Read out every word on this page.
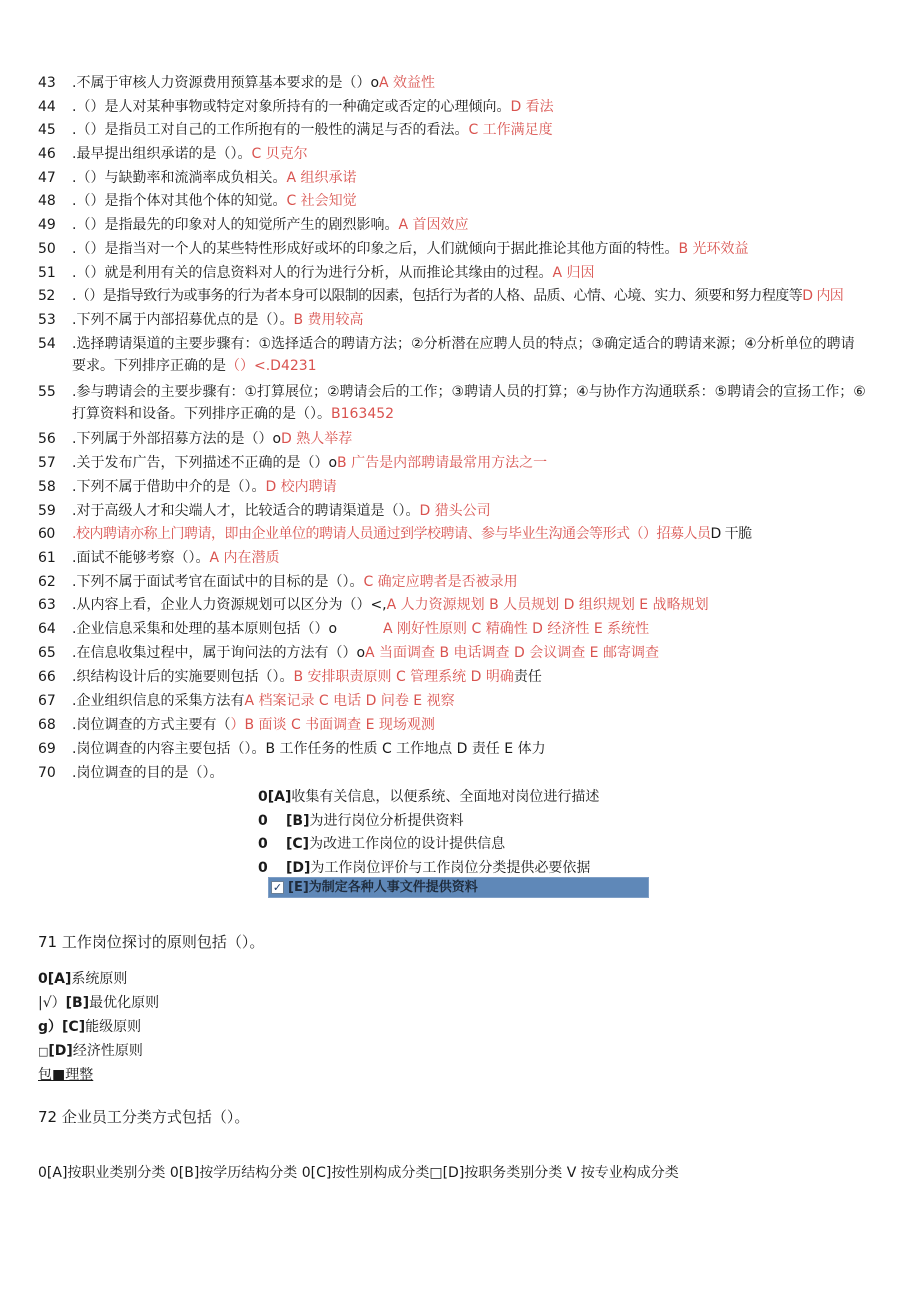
43 .不属于审核人力资源费用预算基本要求的是（）oA 效益性
44 .（）是人对某种事物或特定对象所持有的一种确定或否定的心理倾向。D 看法
45 .（）是指员工对自己的工作所抱有的一般性的满足与否的看法。C 工作满足度
46 .最早提出组织承诺的是（）。C 贝克尔
47 .（）与缺勤率和流淌率成负相关。A 组织承诺
48 .（）是指个体对其他个体的知觉。C 社会知觉
49 .（）是指最先的印象对人的知觉所产生的剧烈影响。A 首因效应
50 .（）是指当对一个人的某些特性形成好或坏的印象之后，人们就倾向于据此推论其他方面的特性。B 光环效益
51 .（）就是利用有关的信息资料对人的行为进行分析，从而推论其缘由的过程。A 归因
52 .（）是指导致行为或事务的行为者本身可以限制的因素，包括行为者的人格、品质、心情、心境、实力、须要和努力程度等D 内因
53 .下列不属于内部招募优点的是（）。B 费用较高
54	.选择聘请渠道的主要步骤有：①选择适合的聘请方法；②分析潜在应聘人员的特点；③确定适合的聘请来源；④分析单位的聘请要求。下列排序正确的是（）<.D4231
55	.参与聘请会的主要步骤有：①打算展位；②聘请会后的工作；③聘请人员的打算；④与协作方沟通联系：⑤聘请会的宣扬工作；⑥打算资料和设备。下列排序正确的是（）。B163452
56 .下列属于外部招募方法的是（）oD 熟人举荐
57 .关于发布广告，下列描述不正确的是（）oB 广告是内部聘请最常用方法之一
58 .下列不属于借助中介的是（）。D 校内聘请
59 .对于高级人才和尖端人才，比较适合的聘请渠道是（）。D 猎头公司
60 .校内聘请亦称上门聘请，即由企业单位的聘请人员通过到学校聘请、参与毕业生沟通会等形式（）招募人员D 干脆
61 .面试不能够考察（）。A 内在潜质
62 .下列不属于面试考官在面试中的目标的是（）。C 确定应聘者是否被录用
63 .从内容上看，企业人力资源规划可以区分为（）<,A 人力资源规划 B 人员规划 D 组织规划 E 战略规划
64 .企业信息采集和处理的基本原则包括（）o	A 刚好性原则 C 精确性 D 经济性 E 系统性
65 .在信息收集过程中，属于询问法的方法有（）oA 当面调查 B 电话调查 D 会议调查 E 邮寄调查
66 .织结构设计后的实施要则包括（）。B 安排职责原则 C 管理系统 D 明确责任
67 .企业组织信息的采集方法有A 档案记录 C 电话 D 问卷 E 视察
68 .岗位调查的方式主要有（）B 面谈 C 书面调查 E 现场观测
69 .岗位调查的内容主要包括（）。B 工作任务的性质 C 工作地点 D 责任 E 体力
70 .岗位调查的目的是（）。
0[A]收集有关信息，以便系统、全面地对岗位进行描述
0 [B]为进行岗位分析提供资料
0 [C]为改进工作岗位的设计提供信息
0 [D]为工作岗位评价与工作岗位分类提供必要依据
✓ [E]为制定各种人事文件提供资料
71 工作岗位探讨的原则包括（）。
0[A]系统原则
|√）[B]最优化原则
g）[C]能级原则
□[D]经济性原则
包■理整
72 企业员工分类方式包括（）。
0[A]按职业类别分类 0[B]按学历结构分类 0[C]按性别构成分类□[D]按职务类别分类 V 按专业构成分类
